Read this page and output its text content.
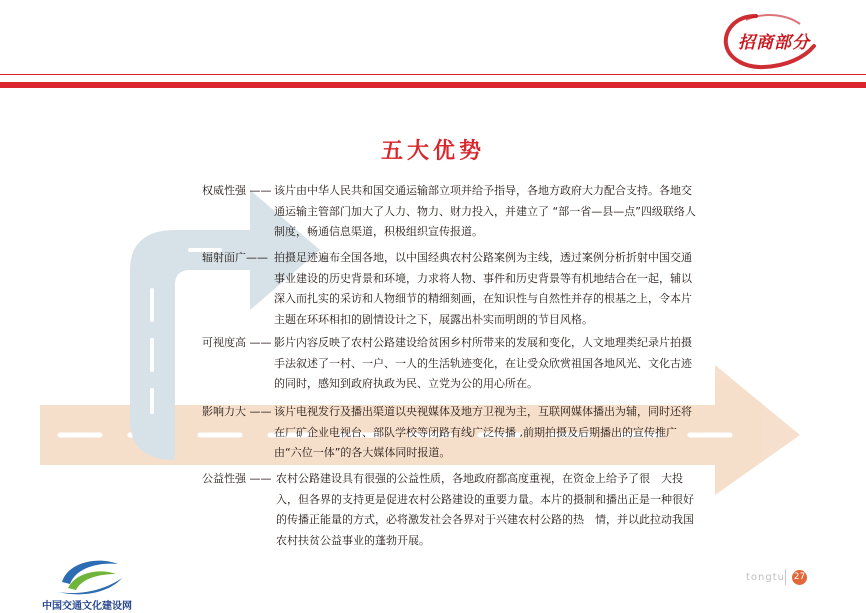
招商部分
五大优势
权威性强 —— 该片由中华人民共和国交通运输部立项并给予指导，各地方政府大力配合支持。各地交通运输主管部门加大了人力、物力、财力投入，并建立了 “部一省—县—点”四级联络人制度，畅通信息渠道，积极组织宣传报道。
辐射面广—— 拍摄足迹遍布全国各地，以中国经典农村公路案例为主线，透过案例分析折射中国交通事业建设的历史背景和环境，力求将人物、事件和历史背景等有机地结合在一起，辅以深入而扎实的采访和人物细节的精细刻画，在知识性与自然性并存的根基之上，令本片主题在环环相扣的剧情设计之下，展露出朴实而明朗的节目风格。
可视度高 —— 影片内容反映了农村公路建设给贫困乡村所带来的发展和变化，人文地理类纪录片拍摄手法叙述了一村、一户、一人的生活轨迹变化，在让受众欣赏祖国各地风光、文化古迹的同时，感知到政府执政为民、立党为公的用心所在。
影响力大 —— 该片电视发行及播出渠道以央视媒体及地方卫视为主，互联网媒体播出为辅，同时还将在厂矿企业电视台、部队学校等闭路有线广泛传播 ,前期拍摄及后期播出的宣传推广由“六位一体”的各大媒体同时报道。
公益性强 —— 农村公路建设具有很强的公益性质，各地政府都高度重视，在资金上给予了很　大投入，但各界的支持更是促进农村公路建设的重要力量。本片的摄制和播出正是一种很好的传播正能量的方式，必将激发社会各界对于兴建农村公路的热　情，并以此拉动我国农村扶贫公益事业的蓬勃开展。
中国交通文化建设网
tongtu 27
